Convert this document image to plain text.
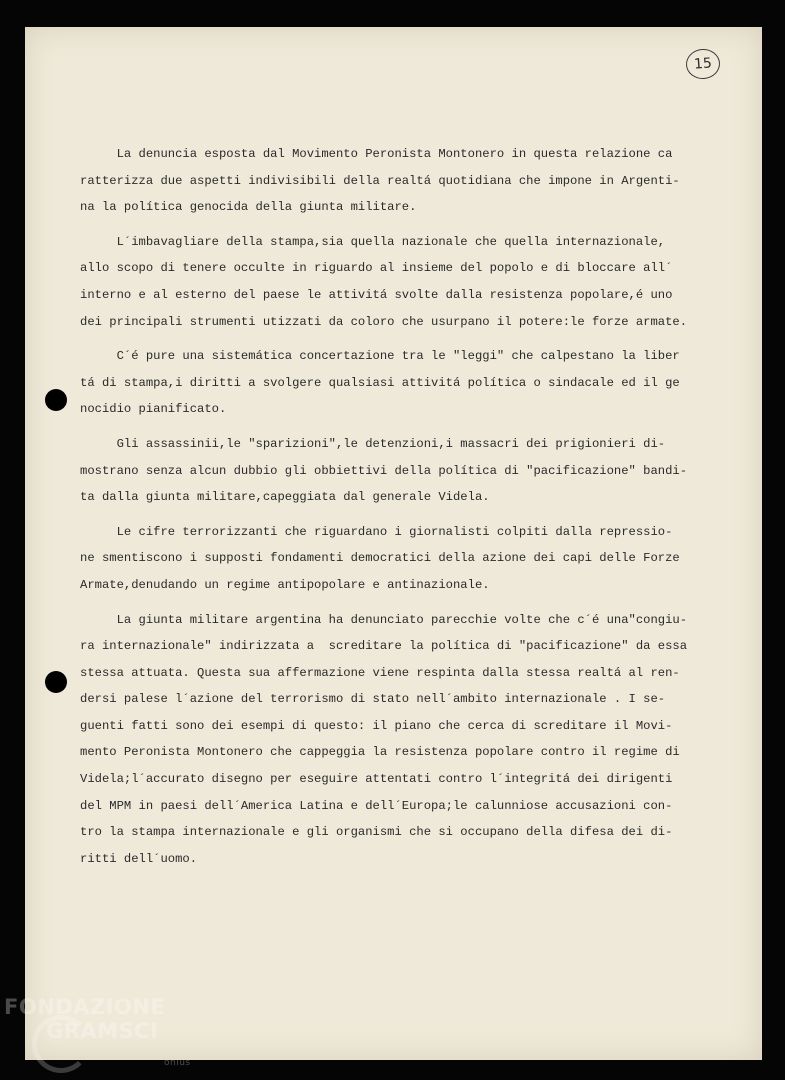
15
La denuncia esposta dal Movimento Peronista Montonero in questa relazione ca
ratterizza due aspetti indivisibili della realtá quotidiana che impone in Argenti-
na la política genocida della giunta militare.
L´imbavagliare della stampa,sia quella nazionale che quella internazionale,
allo scopo di tenere occulte in riguardo al insieme del popolo e di bloccare all´
interno e al esterno del paese le attivitá svolte dalla resistenza popolare,é uno
dei principali strumenti utizzati da coloro che usurpano il potere:le forze armate.
C´é pure una sistemática concertazione tra le "leggi" che calpestano la liber
tá di stampa,i diritti a svolgere qualsiasi attivitá política o sindacale ed il ge
nocidio pianificato.
Gli assassinii,le "sparizioni",le detenzioni,i massacri dei prigionieri di-
mostrano senza alcun dubbio gli obbiettivi della política di "pacificazione" bandi-
ta dalla giunta militare,capeggiata dal generale Videla.
Le cifre terrorizzanti che riguardano i giornalisti colpiti dalla repressio-
ne smentiscono i supposti fondamenti democratici della azione dei capi delle Forze
Armate,denudando un regime antipopolare e antinazionale.
La giunta militare argentina ha denunciato parecchie volte che c´é una"congiu-
ra internazionale" indirizzata a  screditare la política di "pacificazione" da essa
stessa attuata. Questa sua affermazione viene respinta dalla stessa realtá al ren-
dersi palese l´azione del terrorismo di stato nell´ambito internazionale . I se-
guenti fatti sono dei esempi di questo: il piano che cerca di screditare il Movi-
mento Peronista Montonero che cappeggia la resistenza popolare contro il regime di
Videla;l´accurato disegno per eseguire attentati contro l´integritá dei dirigenti
del MPM in paesi dell´America Latina e dell´Europa;le calunniose accusazioni con-
tro la stampa internazionale e gli organismi che si occupano della difesa dei di-
ritti dell´uomo.
FONDAZIONE
GRAMSCI
onlus
